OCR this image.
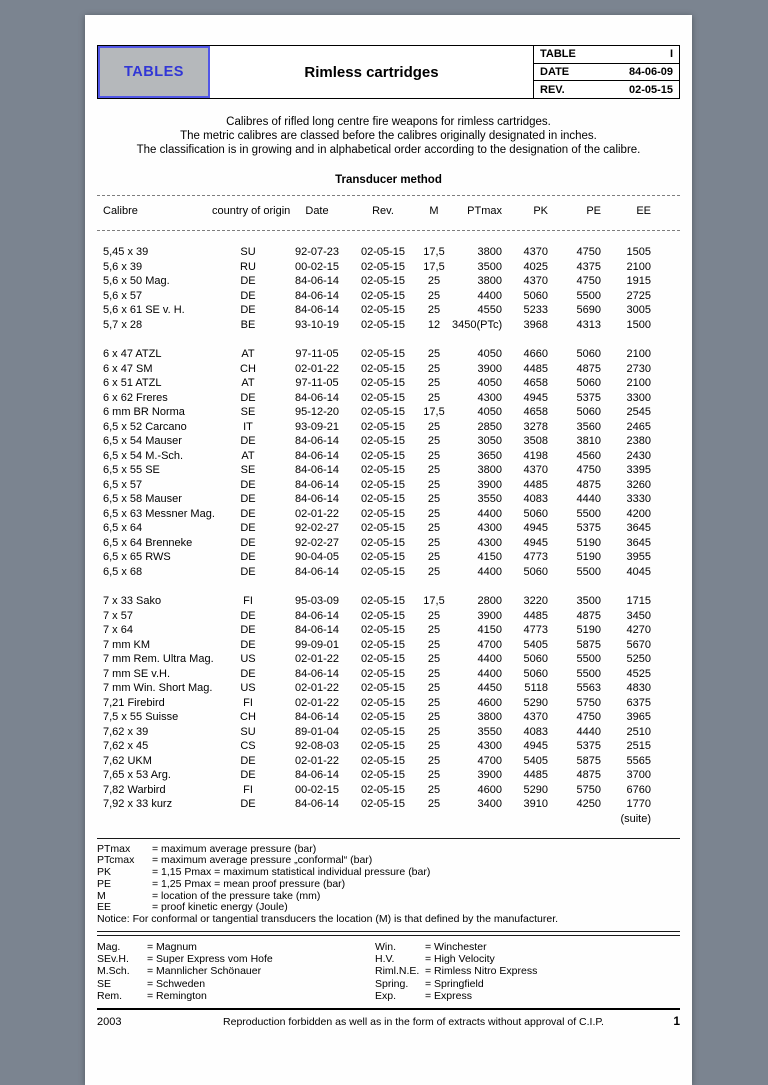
TABLES	Rimless cartridges
TABLE	I
DATE	84-06-09
REV.	02-05-15
Calibres of rifled long centre fire weapons for rimless cartridges.
The metric calibres are classed before the calibres originally designated in inches.
The classification is in growing and in alphabetical order according to the designation of the calibre.
Transducer method
Calibre	country of origin	Date	Rev.	M	PTmax	PK	PE	EE
5,45 x 39	SU	92-07-23	02-05-15	17,5	3800	4370	4750	1505
5,6 x 39	RU	00-02-15	02-05-15	17,5	3500	4025	4375	2100
5,6 x 50 Mag.	DE	84-06-14	02-05-15	25	3800	4370	4750	1915
5,6 x 57	DE	84-06-14	02-05-15	25	4400	5060	5500	2725
5,6 x 61 SE v. H.	DE	84-06-14	02-05-15	25	4550	5233	5690	3005
5,7 x 28	BE	93-10-19	02-05-15	12	3450(PTc)	3968	4313	1500
6 x 47 ATZL	AT	97-11-05	02-05-15	25	4050	4660	5060	2100
6 x 47 SM	CH	02-01-22	02-05-15	25	3900	4485	4875	2730
6 x 51 ATZL	AT	97-11-05	02-05-15	25	4050	4658	5060	2100
6 x 62 Freres	DE	84-06-14	02-05-15	25	4300	4945	5375	3300
6 mm BR Norma	SE	95-12-20	02-05-15	17,5	4050	4658	5060	2545
6,5 x 52 Carcano	IT	93-09-21	02-05-15	25	2850	3278	3560	2465
6,5 x 54 Mauser	DE	84-06-14	02-05-15	25	3050	3508	3810	2380
6,5 x 54 M.-Sch.	AT	84-06-14	02-05-15	25	3650	4198	4560	2430
6,5 x 55 SE	SE	84-06-14	02-05-15	25	3800	4370	4750	3395
6,5 x 57	DE	84-06-14	02-05-15	25	3900	4485	4875	3260
6,5 x 58 Mauser	DE	84-06-14	02-05-15	25	3550	4083	4440	3330
6,5 x 63 Messner Mag.	DE	02-01-22	02-05-15	25	4400	5060	5500	4200
6,5 x 64	DE	92-02-27	02-05-15	25	4300	4945	5375	3645
6,5 x 64 Brenneke	DE	92-02-27	02-05-15	25	4300	4945	5190	3645
6,5 x 65 RWS	DE	90-04-05	02-05-15	25	4150	4773	5190	3955
6,5 x 68	DE	84-06-14	02-05-15	25	4400	5060	5500	4045
7 x 33 Sako	FI	95-03-09	02-05-15	17,5	2800	3220	3500	1715
7 x 57	DE	84-06-14	02-05-15	25	3900	4485	4875	3450
7 x 64	DE	84-06-14	02-05-15	25	4150	4773	5190	4270
7 mm KM	DE	99-09-01	02-05-15	25	4700	5405	5875	5670
7 mm Rem. Ultra Mag.	US	02-01-22	02-05-15	25	4400	5060	5500	5250
7 mm SE v.H.	DE	84-06-14	02-05-15	25	4400	5060	5500	4525
7 mm Win. Short Mag.	US	02-01-22	02-05-15	25	4450	5118	5563	4830
7,21 Firebird	FI	02-01-22	02-05-15	25	4600	5290	5750	6375
7,5 x 55 Suisse	CH	84-06-14	02-05-15	25	3800	4370	4750	3965
7,62 x 39	SU	89-01-04	02-05-15	25	3550	4083	4440	2510
7,62 x 45	CS	92-08-03	02-05-15	25	4300	4945	5375	2515
7,62 UKM	DE	02-01-22	02-05-15	25	4700	5405	5875	5565
7,65 x 53 Arg.	DE	84-06-14	02-05-15	25	3900	4485	4875	3700
7,82 Warbird	FI	00-02-15	02-05-15	25	4600	5290	5750	6760
7,92 x 33 kurz	DE	84-06-14	02-05-15	25	3400	3910	4250	1770
(suite)
PTmax	= maximum average pressure (bar)
PTcmax	= maximum average pressure „conformal“ (bar)
PK	= 1,15 Pmax = maximum statistical individual pressure (bar)
PE	= 1,25 Pmax = mean proof pressure (bar)
M	= location of the pressure take (mm)
EE	= proof kinetic energy (Joule)
Notice: For conformal or tangential transducers the location (M) is that defined by the manufacturer.
Mag.	= Magnum
SEv.H.	= Super Express vom Hofe
M.Sch.	= Mannlicher Schönauer
SE	= Schweden
Rem.	= Remington
Win.	= Winchester
H.V.	= High Velocity
Riml.N.E. = Rimless Nitro Express
Spring.	= Springfield
Exp.	= Express
2003	Reproduction forbidden as well as in the form of extracts without approval of C.I.P.	1
